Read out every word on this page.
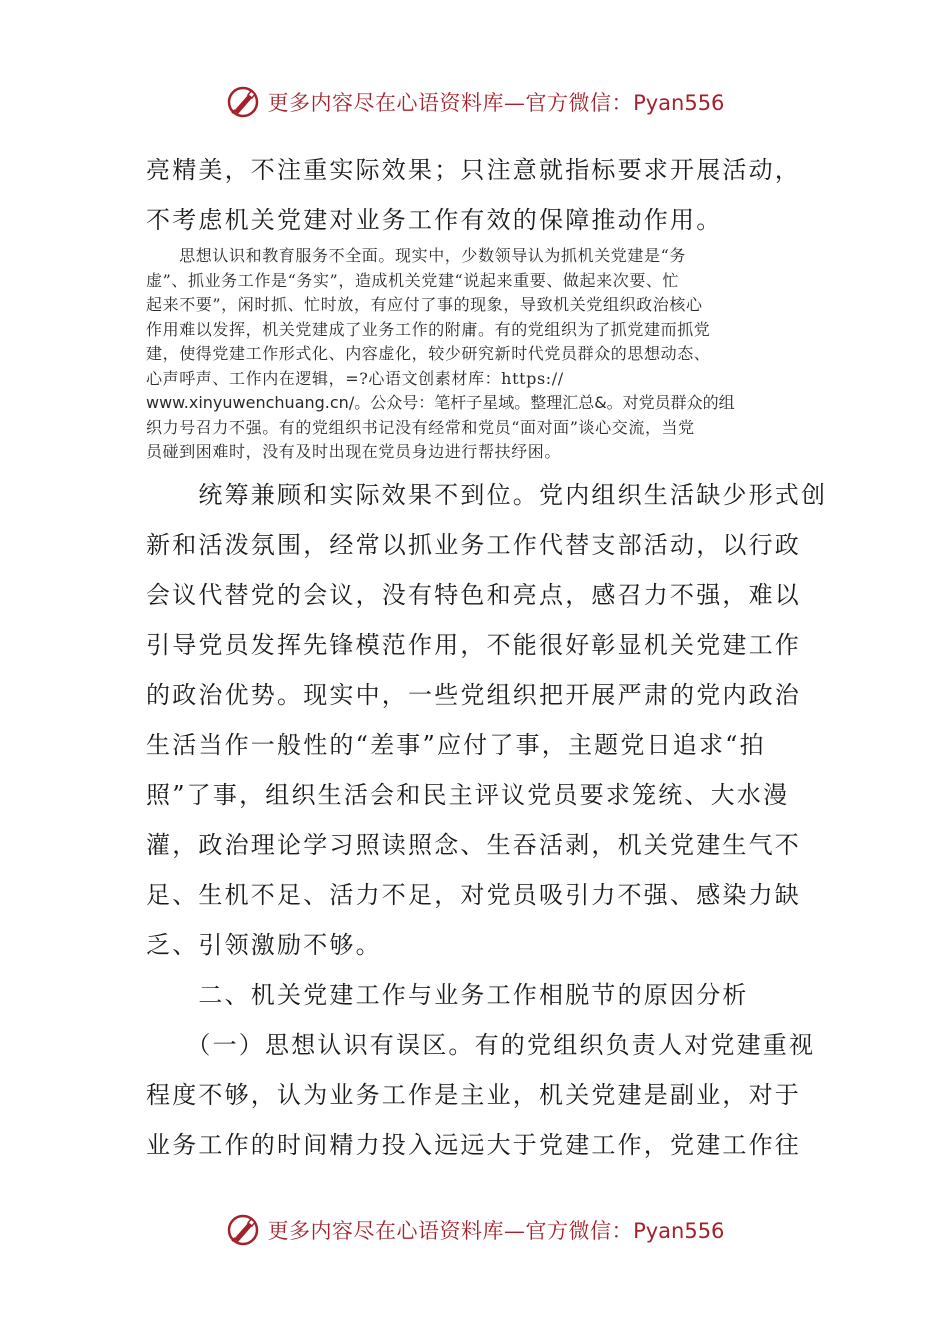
更多内容尽在心语资料库—官方微信：Pyan556
亮精美，不注重实际效果；只注意就指标要求开展活动，
不考虑机关党建对业务工作有效的保障推动作用。
　　思想认识和教育服务不全面。现实中，少数领导认为抓机关党建是“务
虚”、抓业务工作是“务实”，造成机关党建“说起来重要、做起来次要、忙
起来不要”，闲时抓、忙时放，有应付了事的现象，导致机关党组织政治核心
作用难以发挥，机关党建成了业务工作的附庸。有的党组织为了抓党建而抓党
建，使得党建工作形式化、内容虚化，较少研究新时代党员群众的思想动态、
心声呼声、工作内在逻辑，=?心语文创素材库：https://
www.xinyuwenchuang.cn/。公众号：笔杆子星域。整理汇总&。对党员群众的组
织力号召力不强。有的党组织书记没有经常和党员“面对面”谈心交流，当党
员碰到困难时，没有及时出现在党员身边进行帮扶纾困。
　　统筹兼顾和实际效果不到位。党内组织生活缺少形式创
新和活泼氛围，经常以抓业务工作代替支部活动，以行政
会议代替党的会议，没有特色和亮点，感召力不强，难以
引导党员发挥先锋模范作用，不能很好彰显机关党建工作
的政治优势。现实中，一些党组织把开展严肃的党内政治
生活当作一般性的“差事”应付了事，主题党日追求“拍
照”了事，组织生活会和民主评议党员要求笼统、大水漫
灌，政治理论学习照读照念、生吞活剥，机关党建生气不
足、生机不足、活力不足，对党员吸引力不强、感染力缺
乏、引领激励不够。
　　二、机关党建工作与业务工作相脱节的原因分析
　　（一）思想认识有误区。有的党组织负责人对党建重视
程度不够，认为业务工作是主业，机关党建是副业，对于
业务工作的时间精力投入远远大于党建工作，党建工作往
更多内容尽在心语资料库—官方微信：Pyan556
